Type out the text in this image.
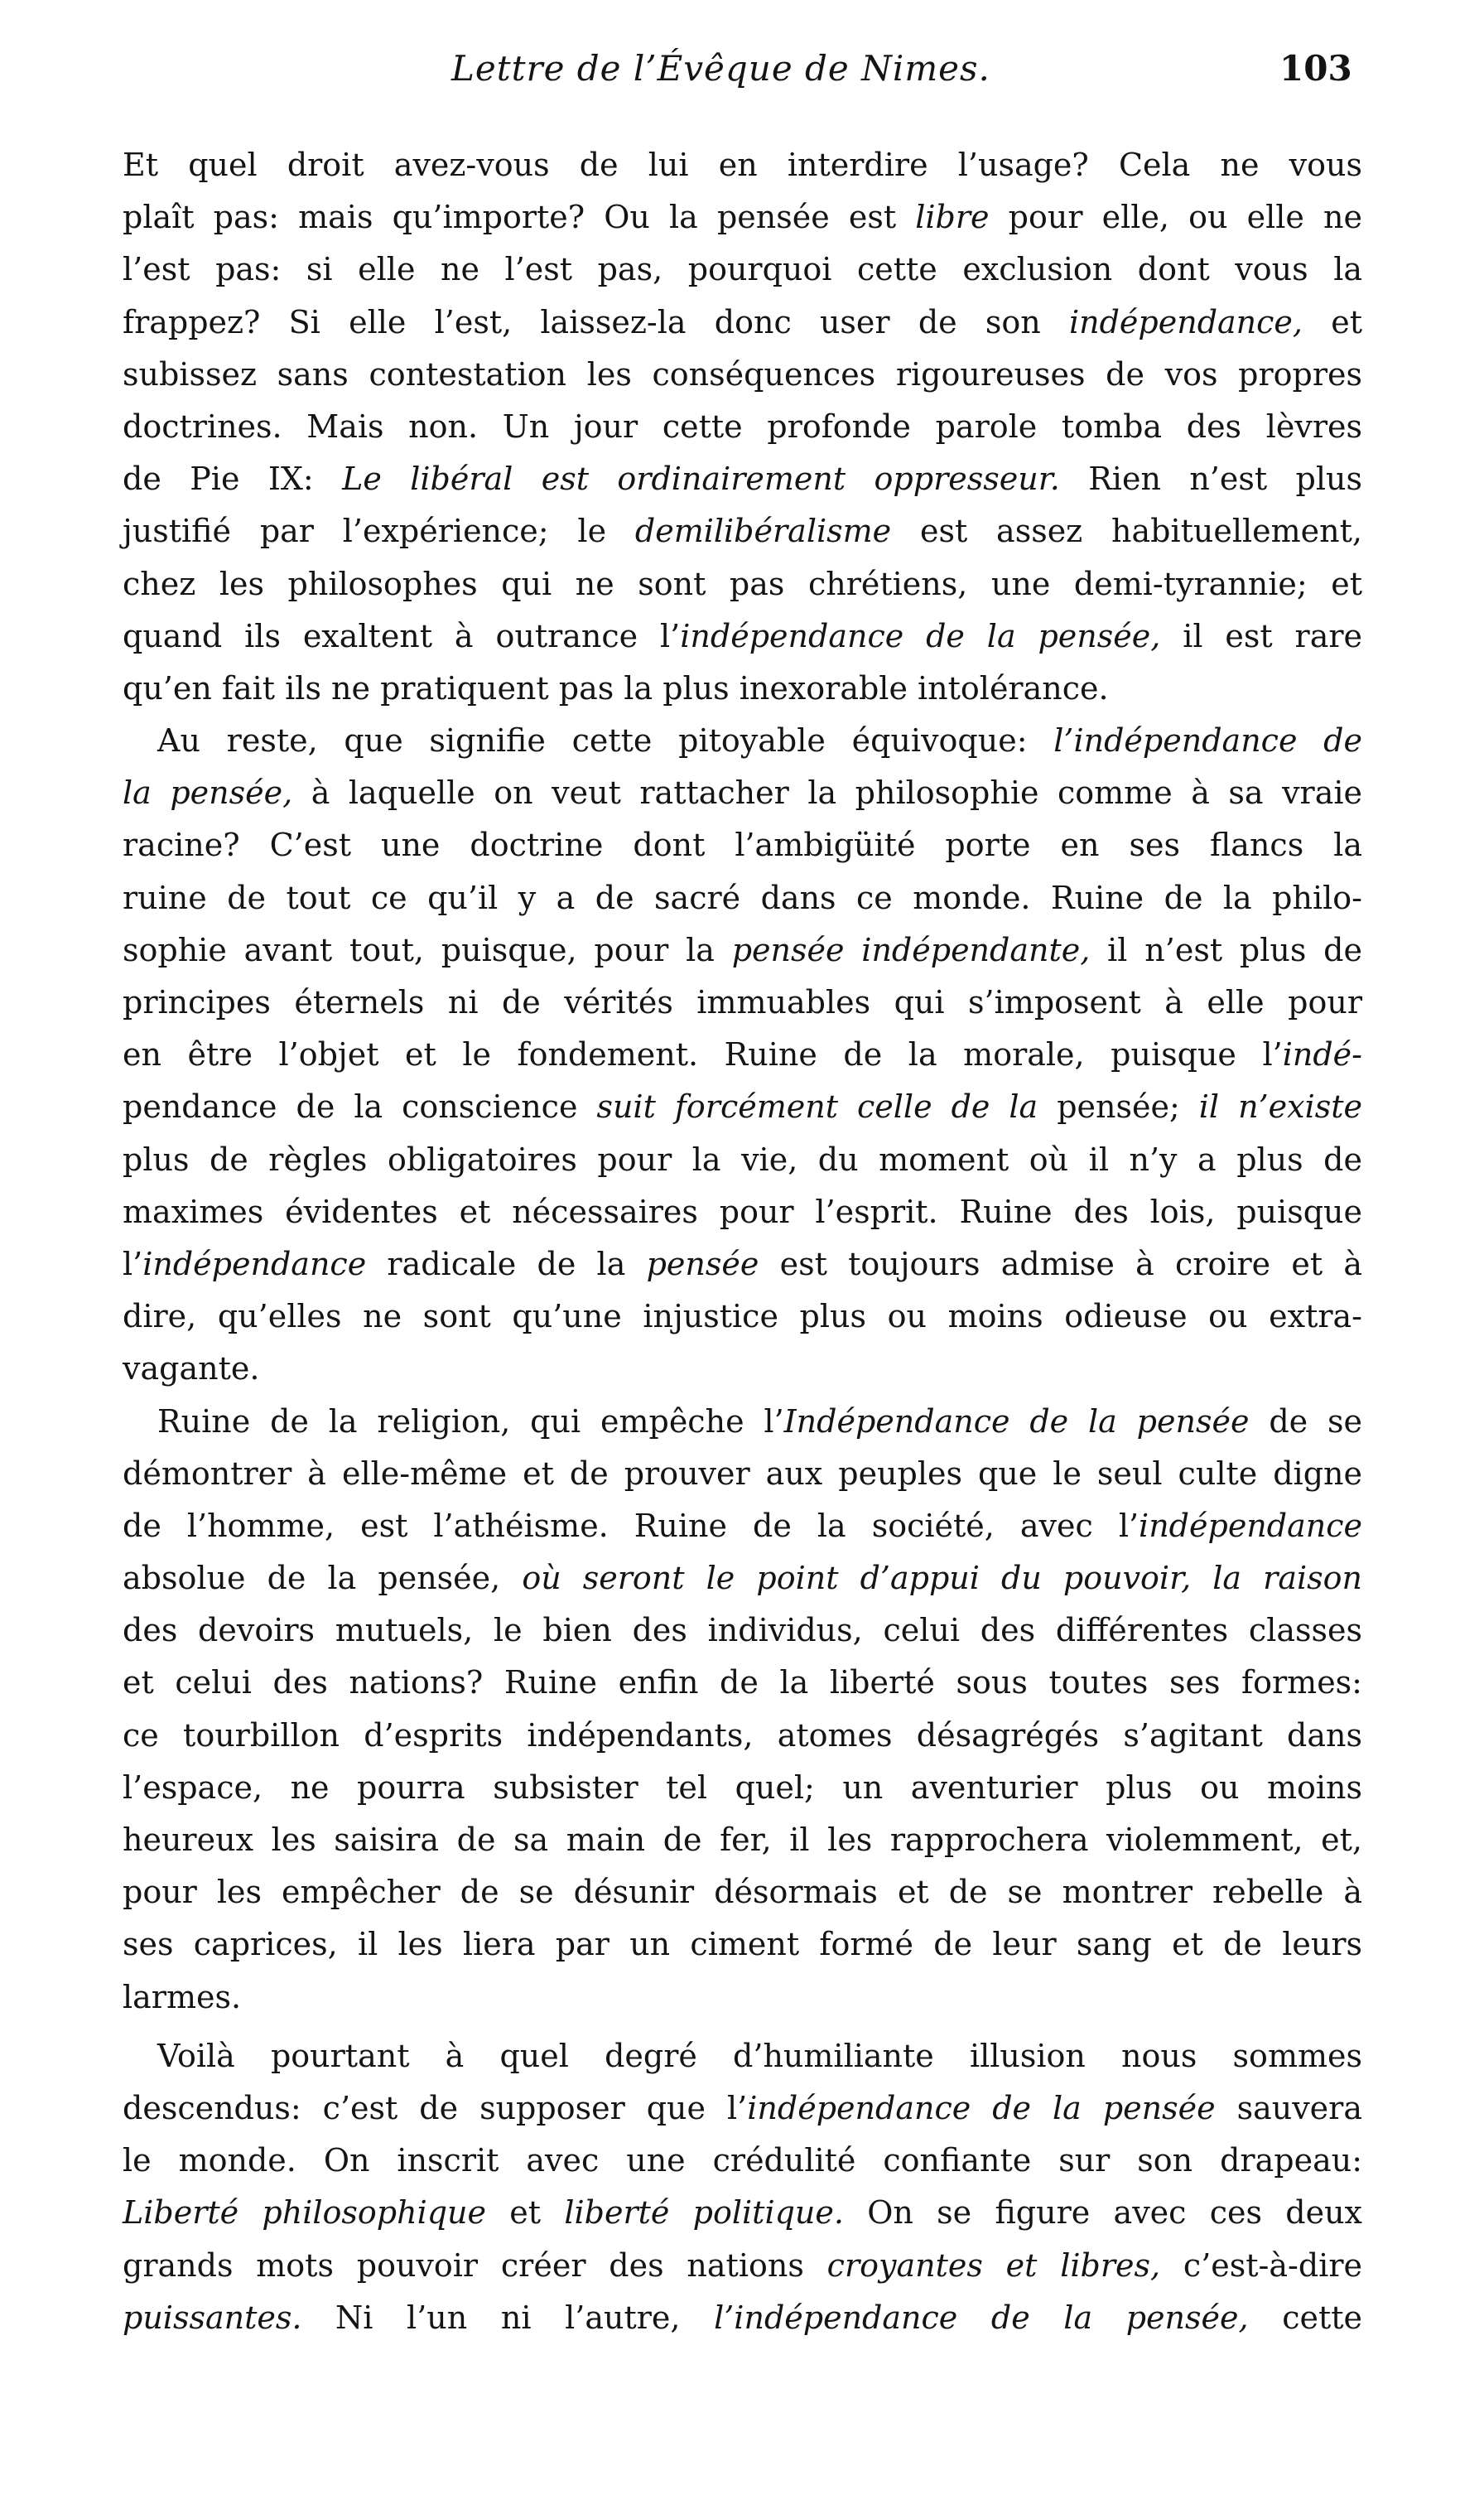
Lettre de l’Évêque de Nimes.	103
Et quel droit avez-vous de lui en interdire l’usage? Cela ne vous
plaît pas: mais qu’importe? Ou la pensée est libre pour elle, ou elle ne
l’est pas: si elle ne l’est pas, pourquoi cette exclusion dont vous la
frappez? Si elle l’est, laissez-la donc user de son indépendance, et
subissez sans contestation les conséquences rigoureuses de vos propres
doctrines. Mais non. Un jour cette profonde parole tomba des lèvres
de Pie IX: Le libéral est ordinairement oppresseur. Rien n’est plus
justifié par l’expérience; le demilibéralisme est assez habituellement,
chez les philosophes qui ne sont pas chrétiens, une demi-tyrannie; et
quand ils exaltent à outrance l’indépendance de la pensée, il est rare
qu’en fait ils ne pratiquent pas la plus inexorable intolérance.
Au reste, que signifie cette pitoyable équivoque: l’indépendance de
la pensée, à laquelle on veut rattacher la philosophie comme à sa vraie
racine? C’est une doctrine dont l’ambigüité porte en ses flancs la
ruine de tout ce qu’il y a de sacré dans ce monde. Ruine de la philo-
sophie avant tout, puisque, pour la pensée indépendante, il n’est plus de
principes éternels ni de vérités immuables qui s’imposent à elle pour
en être l’objet et le fondement. Ruine de la morale, puisque l’indé-
pendance de la conscience suit forcément celle de la pensée; il n’existe
plus de règles obligatoires pour la vie, du moment où il n’y a plus de
maximes évidentes et nécessaires pour l’esprit. Ruine des lois, puisque
l’indépendance radicale de la pensée est toujours admise à croire et à
dire, qu’elles ne sont qu’une injustice plus ou moins odieuse ou extra-
vagante.
Ruine de la religion, qui empêche l’Indépendance de la pensée de se
démontrer à elle-même et de prouver aux peuples que le seul culte digne
de l’homme, est l’athéisme. Ruine de la société, avec l’indépendance
absolue de la pensée, où seront le point d’appui du pouvoir, la raison
des devoirs mutuels, le bien des individus, celui des différentes classes
et celui des nations? Ruine enfin de la liberté sous toutes ses formes:
ce tourbillon d’esprits indépendants, atomes désagrégés s’agitant dans
l’espace, ne pourra subsister tel quel; un aventurier plus ou moins
heureux les saisira de sa main de fer, il les rapprochera violemment, et,
pour les empêcher de se désunir désormais et de se montrer rebelle à
ses caprices, il les liera par un ciment formé de leur sang et de leurs
larmes.
Voilà pourtant à quel degré d’humiliante illusion nous sommes
descendus: c’est de supposer que l’indépendance de la pensée sauvera
le monde. On inscrit avec une crédulité confiante sur son drapeau:
Liberté philosophique et liberté politique. On se figure avec ces deux
grands mots pouvoir créer des nations croyantes et libres, c’est-à-dire
puissantes. Ni l’un ni l’autre, l’indépendance de la pensée, cette
